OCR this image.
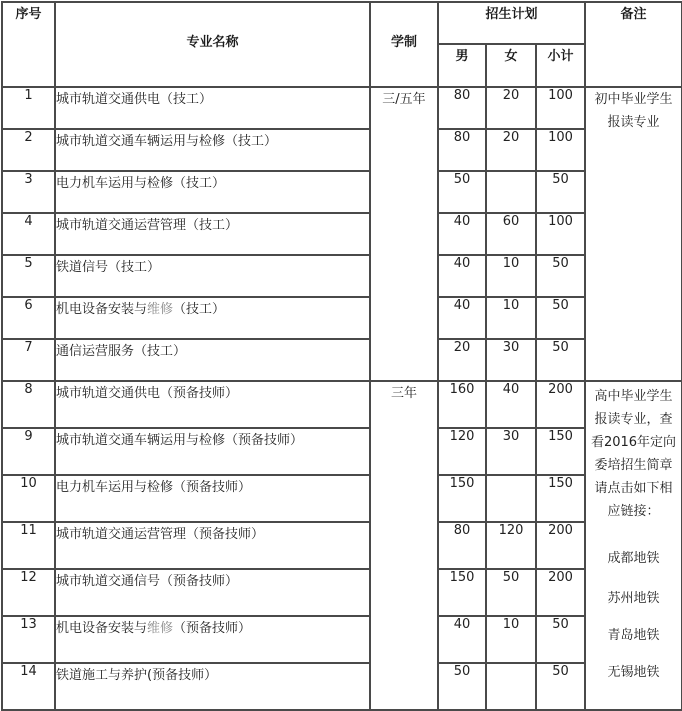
序号	专业名称	学制	招生计划			备注
			男	女	小计	
1	城市轨道交通供电（技工）	三/五年	80	20	100	初中毕业学生
报读专业

2	城市轨道交通车辆运用与检修（技工）		80	20	100	
3	电力机车运用与检修（技工）		50		50	
4	城市轨道交通运营管理（技工）		40	60	100	
5	铁道信号（技工）		40	10	50	
6	机电设备安装与维修（技工）		40	10	50	
7	通信运营服务（技工）		20	30	50	
8	城市轨道交通供电（预备技师）	三年	160	40	200	高中毕业学生
报读专业，查
看2016年定向
委培招生简章
请点击如下相
应链接：
成都地铁
苏州地铁
青岛地铁
无锡地铁

9	城市轨道交通车辆运用与检修（预备技师）		120	30	150	
10	电力机车运用与检修（预备技师）		150		150	
11	城市轨道交通运营管理（预备技师）		80	120	200	
12	城市轨道交通信号（预备技师）		150	50	200	
13	机电设备安装与维修（预备技师）		40	10	50	
14	铁道施工与养护(预备技师）		50		50	
